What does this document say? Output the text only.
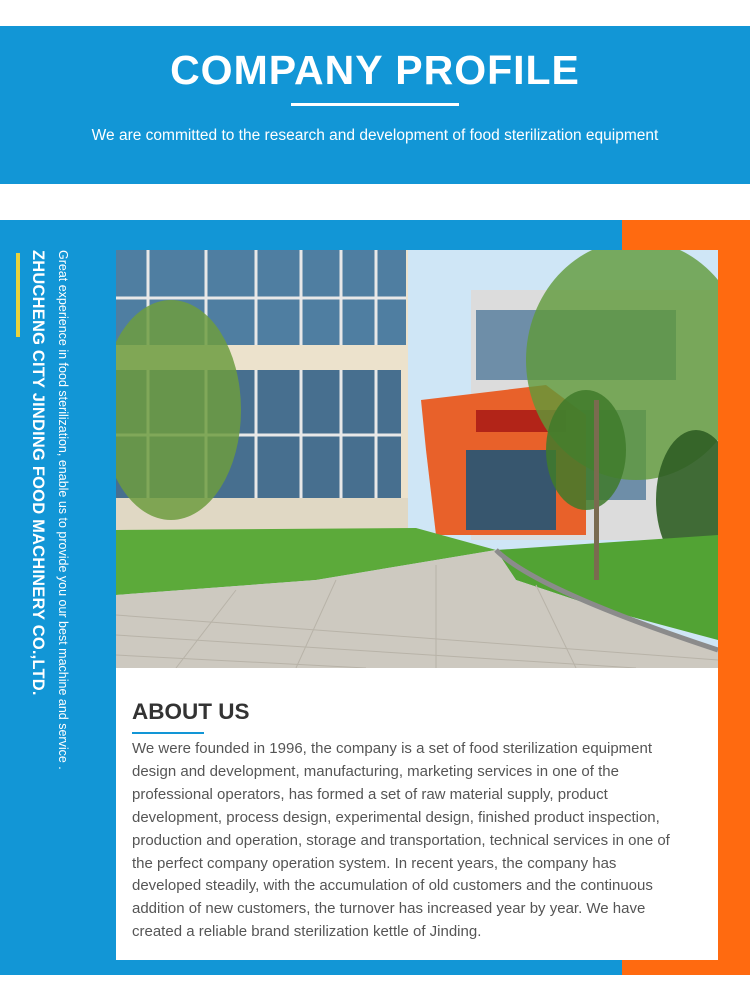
COMPANY PROFILE

We are committed to the research and development of food sterilization equipment

ZHUCHENG CITY JINDING FOOD MACHINERY CO.,LTD. Great experience in food sterilization, enable us to provide you our best machine and service .	ABOUT US
We were founded in 1996, the company is a set of food sterilization equipment
design and development, manufacturing, marketing services in one of the
professional operators, has formed a set of raw material supply, product
development, process design, experimental design, finished product inspection,
production and operation, storage and transportation, technical services in one of
the perfect company operation system. In recent years, the company has
developed steadily, with the accumulation of old customers and the continuous
addition of new customers, the turnover has increased year by year. We have
created a reliable brand sterilization kettle of Jinding.
